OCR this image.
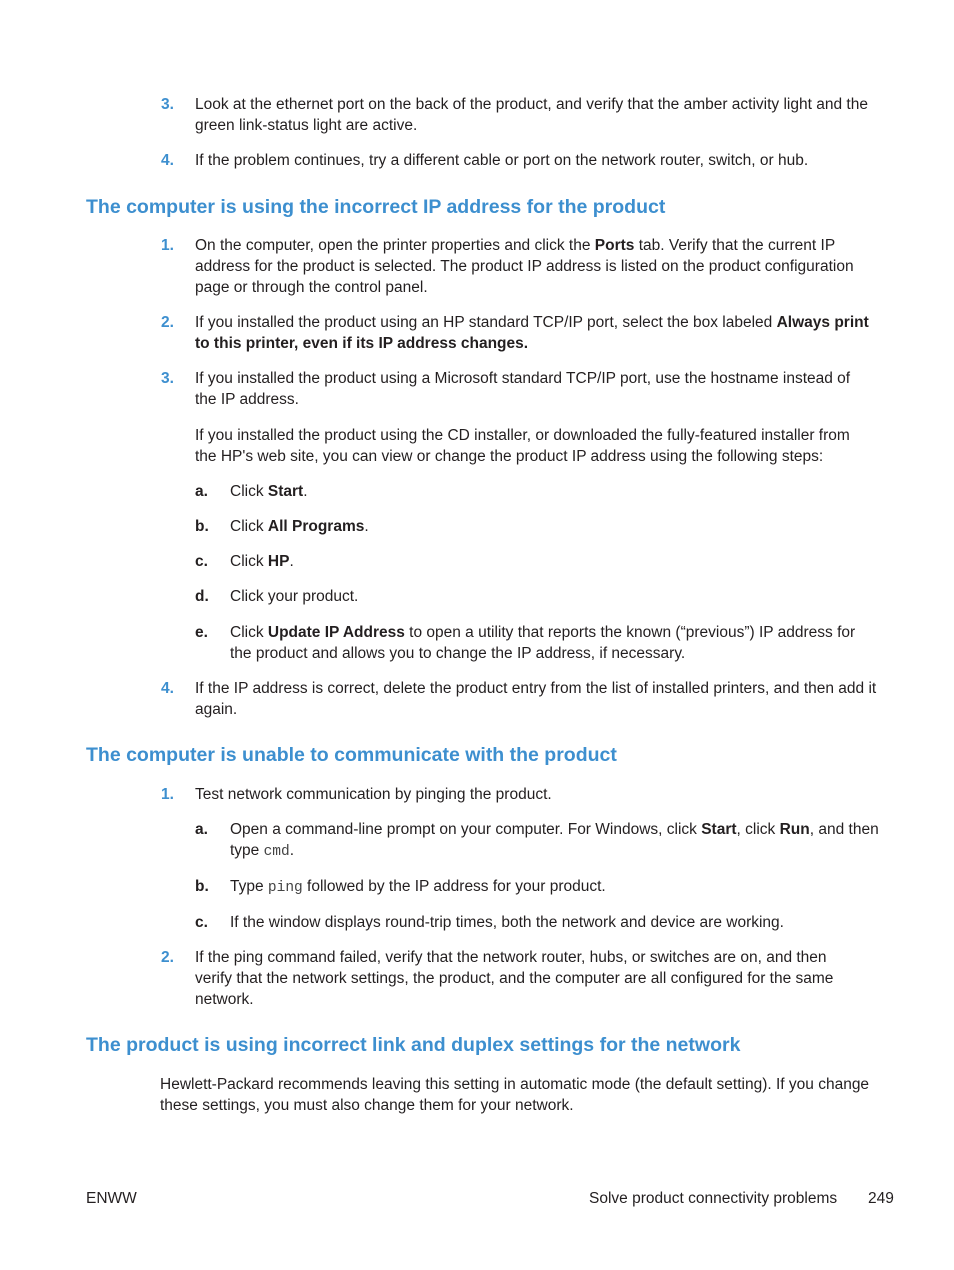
3.	Look at the ethernet port on the back of the product, and verify that the amber activity light and the green link-status light are active.
4.	If the problem continues, try a different cable or port on the network router, switch, or hub.
The computer is using the incorrect IP address for the product
1.	On the computer, open the printer properties and click the Ports tab. Verify that the current IP address for the product is selected. The product IP address is listed on the product configuration page or through the control panel.
2.	If you installed the product using an HP standard TCP/IP port, select the box labeled Always print to this printer, even if its IP address changes.
3.	If you installed the product using a Microsoft standard TCP/IP port, use the hostname instead of the IP address.
If you installed the product using the CD installer, or downloaded the fully-featured installer from the HP's web site, you can view or change the product IP address using the following steps:
a.	Click Start.
b.	Click All Programs.
c.	Click HP.
d.	Click your product.
e.	Click Update IP Address to open a utility that reports the known (“previous”) IP address for the product and allows you to change the IP address, if necessary.
4.	If the IP address is correct, delete the product entry from the list of installed printers, and then add it again.
The computer is unable to communicate with the product
1.	Test network communication by pinging the product.
a.	Open a command-line prompt on your computer. For Windows, click Start, click Run, and then type cmd.
b.	Type ping followed by the IP address for your product.
c.	If the window displays round-trip times, both the network and device are working.
2.	If the ping command failed, verify that the network router, hubs, or switches are on, and then verify that the network settings, the product, and the computer are all configured for the same network.
The product is using incorrect link and duplex settings for the network
Hewlett-Packard recommends leaving this setting in automatic mode (the default setting). If you change these settings, you must also change them for your network.
ENWW	Solve product connectivity problems 249
